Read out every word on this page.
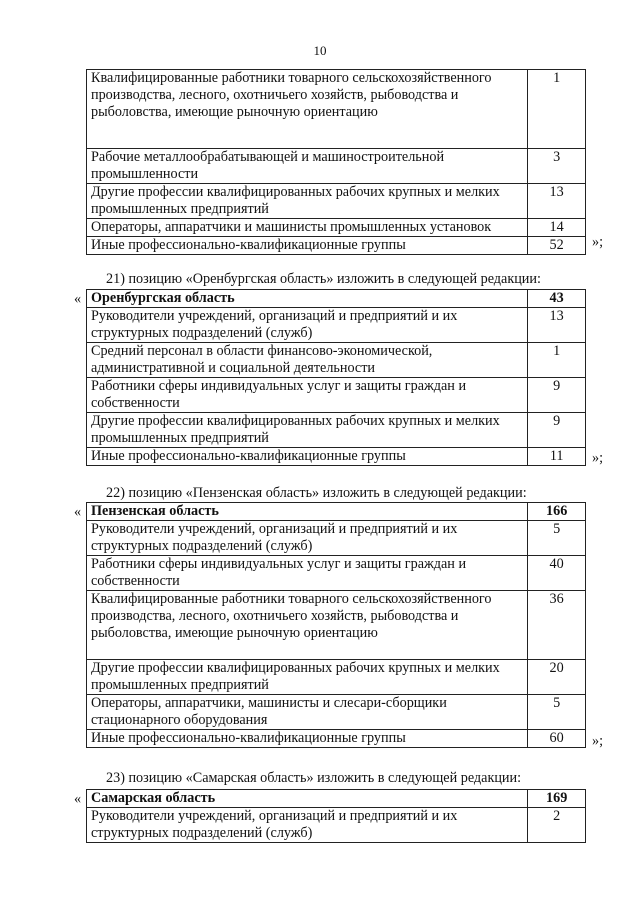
10
Квалифицированные работники товарного сельскохозяйственного производства, лесного, охотничьего хозяйств, рыбоводства и рыболовства, имеющие рыночную ориентацию	1
Рабочие металлообрабатывающей и машиностроительной промышленности	3
Другие профессии квалифицированных рабочих крупных и мелких промышленных предприятий	13
Операторы, аппаратчики и машинисты промышленных установок	14
Иные профессионально-квалификационные группы	52 »;
21) позицию «Оренбургская область» изложить в следующей редакции:
« Оренбургская область	43
Руководители учреждений, организаций и предприятий и их структурных подразделений (служб)	13
Средний персонал в области финансово-экономической, административной и социальной деятельности	1
Работники сферы индивидуальных услуг и защиты граждан и собственности	9
Другие профессии квалифицированных рабочих крупных и мелких промышленных предприятий	9
Иные профессионально-квалификационные группы	11 »;
22) позицию «Пензенская область» изложить в следующей редакции:
« Пензенская область	166
Руководители учреждений, организаций и предприятий и их структурных подразделений (служб)	5
Работники сферы индивидуальных услуг и защиты граждан и собственности	40
Квалифицированные работники товарного сельскохозяйственного производства, лесного, охотничьего хозяйств, рыбоводства и рыболовства, имеющие рыночную ориентацию	36
Другие профессии квалифицированных рабочих крупных и мелких промышленных предприятий	20
Операторы, аппаратчики, машинисты и слесари-сборщики стационарного оборудования	5
Иные профессионально-квалификационные группы	60 »;
23) позицию «Самарская область» изложить в следующей редакции:
« Самарская область	169
Руководители учреждений, организаций и предприятий и их структурных подразделений (служб)	2
